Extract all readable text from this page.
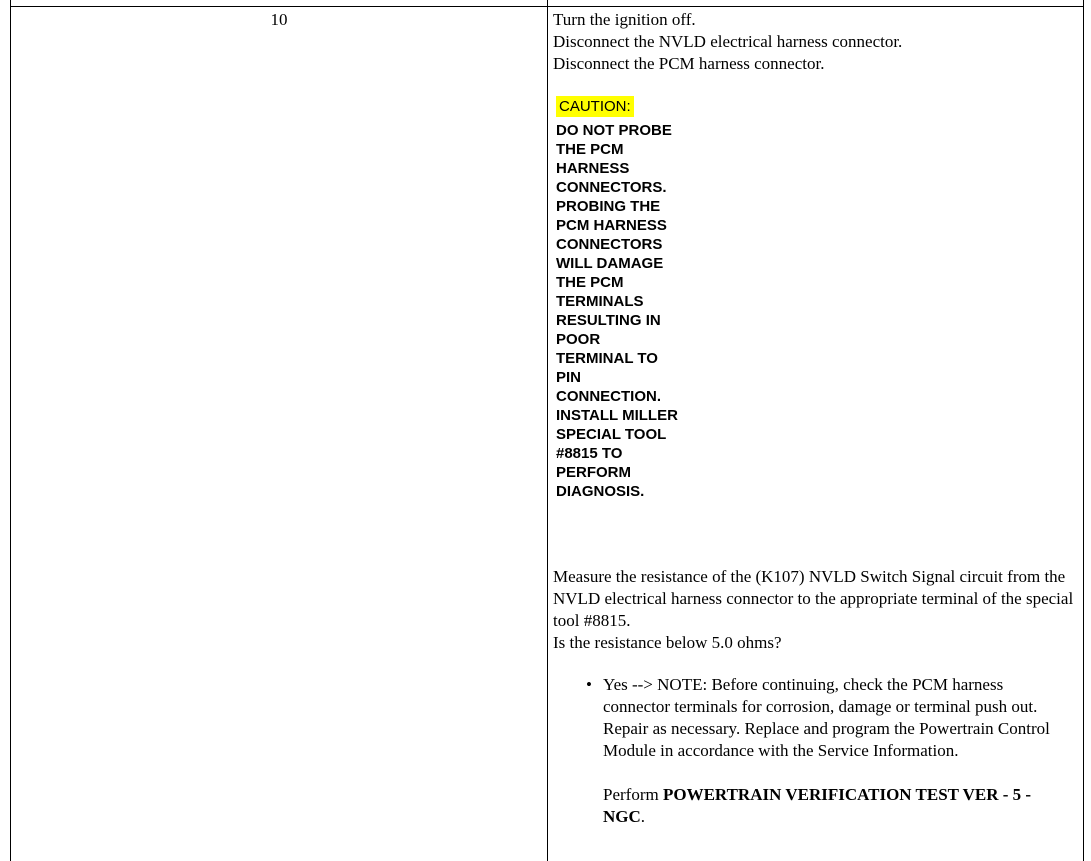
10	Turn the ignition off.
Disconnect the NVLD electrical harness connector.
Disconnect the PCM harness connector.
CAUTION:
DO NOT PROBE THE PCM HARNESS CONNECTORS. PROBING THE PCM HARNESS CONNECTORS WILL DAMAGE THE PCM TERMINALS RESULTING IN POOR TERMINAL TO PIN CONNECTION. INSTALL MILLER SPECIAL TOOL #8815 TO PERFORM DIAGNOSIS.
Measure the resistance of the (K107) NVLD Switch Signal circuit from the NVLD electrical harness connector to the appropriate terminal of the special tool #8815.
Is the resistance below 5.0 ohms?
• Yes --> NOTE: Before continuing, check the PCM harness connector terminals for corrosion, damage or terminal push out. Repair as necessary. Replace and program the Powertrain Control Module in accordance with the Service Information.
Perform POWERTRAIN VERIFICATION TEST VER - 5 - NGC.
